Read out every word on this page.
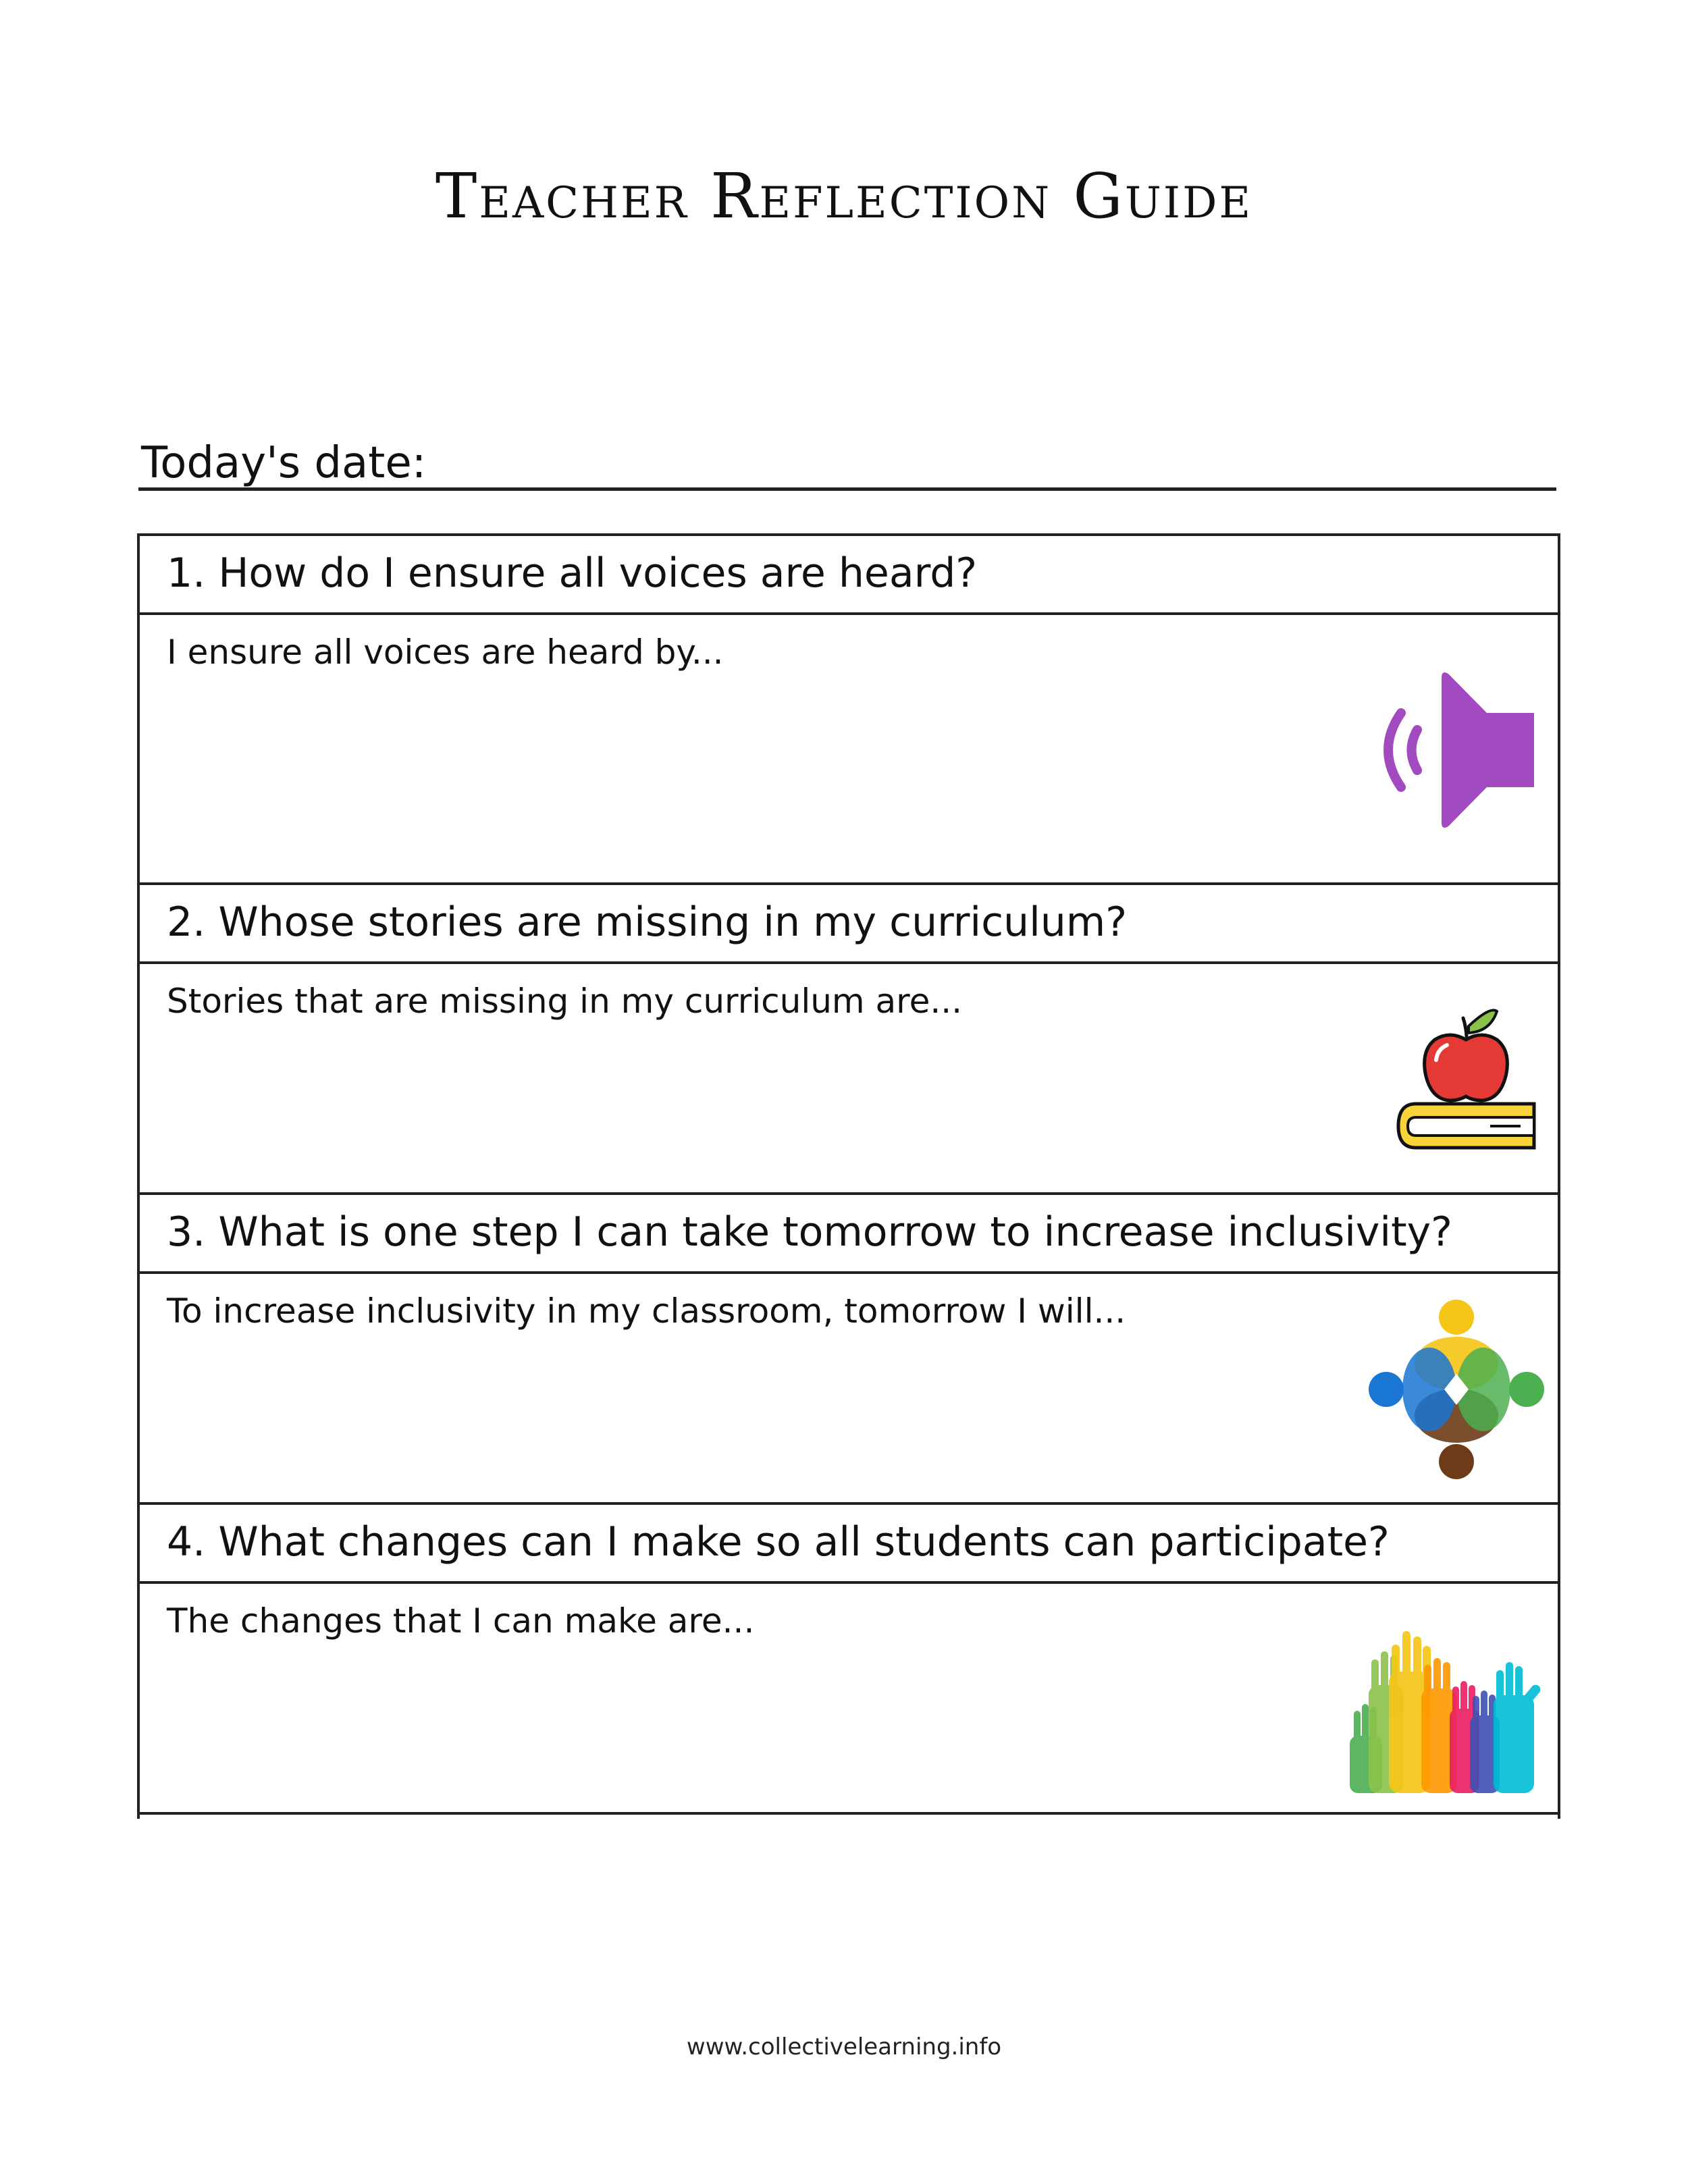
Teacher Reflection Guide
Today's date:
1. How do I ensure all voices are heard?
I ensure all voices are heard by...
2. Whose stories are missing in my curriculum?
Stories that are missing in my curriculum are...
3. What is one step I can take tomorrow to increase inclusivity?
To increase inclusivity in my classroom, tomorrow I will...
4. What changes can I make so all students can participate?
The changes that I can make are...
www.collectivelearning.info
